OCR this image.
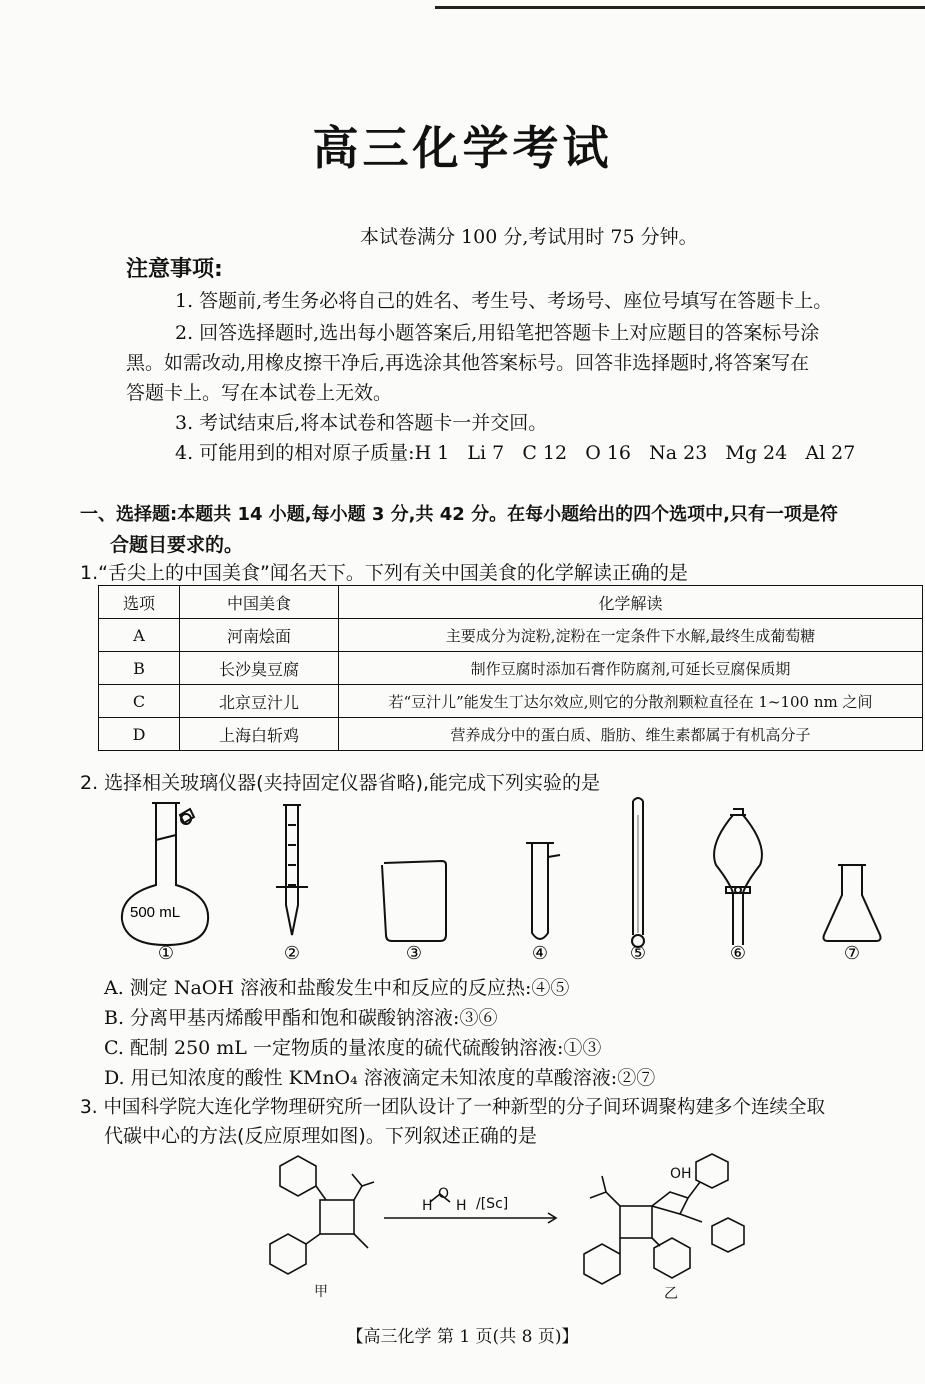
高三化学考试
本试卷满分 100 分,考试用时 75 分钟。
注意事项:
1. 答题前,考生务必将自己的姓名、考生号、考场号、座位号填写在答题卡上。
2. 回答选择题时,选出每小题答案后,用铅笔把答题卡上对应题目的答案标号涂
黑。如需改动,用橡皮擦干净后,再选涂其他答案标号。回答非选择题时,将答案写在
答题卡上。写在本试卷上无效。
3. 考试结束后,将本试卷和答题卡一并交回。
4. 可能用到的相对原子质量:H 1   Li 7   C 12   O 16   Na 23   Mg 24   Al 27
一、选择题:本题共 14 小题,每小题 3 分,共 42 分。在每小题给出的四个选项中,只有一项是符
合题目要求的。
1.“舌尖上的中国美食”闻名天下。下列有关中国美食的化学解读正确的是
选项	中国美食	化学解读
A	河南烩面	主要成分为淀粉,淀粉在一定条件下水解,最终生成葡萄糖
B	长沙臭豆腐	制作豆腐时添加石膏作防腐剂,可延长豆腐保质期
C	北京豆汁儿	若“豆汁儿”能发生丁达尔效应,则它的分散剂颗粒直径在 1~100 nm 之间
D	上海白斩鸡	营养成分中的蛋白质、脂肪、维生素都属于有机高分子
2. 选择相关玻璃仪器(夹持固定仪器省略),能完成下列实验的是
500 mL
①	②	③	④	⑤	⑥	⑦
A. 测定 NaOH 溶液和盐酸发生中和反应的反应热:④⑤
B. 分离甲基丙烯酸甲酯和饱和碳酸钠溶液:③⑥
C. 配制 250 mL 一定物质的量浓度的硫代硫酸钠溶液:①③
D. 用已知浓度的酸性 KMnO₄ 溶液滴定未知浓度的草酸溶液:②⑦
3. 中国科学院大连化学物理研究所一团队设计了一种新型的分子间环调聚构建多个连续全取
代碳中心的方法(反应原理如图)。下列叙述正确的是
H
O
H /[Sc]
OH
甲	乙
【高三化学 第 1 页(共 8 页)】
